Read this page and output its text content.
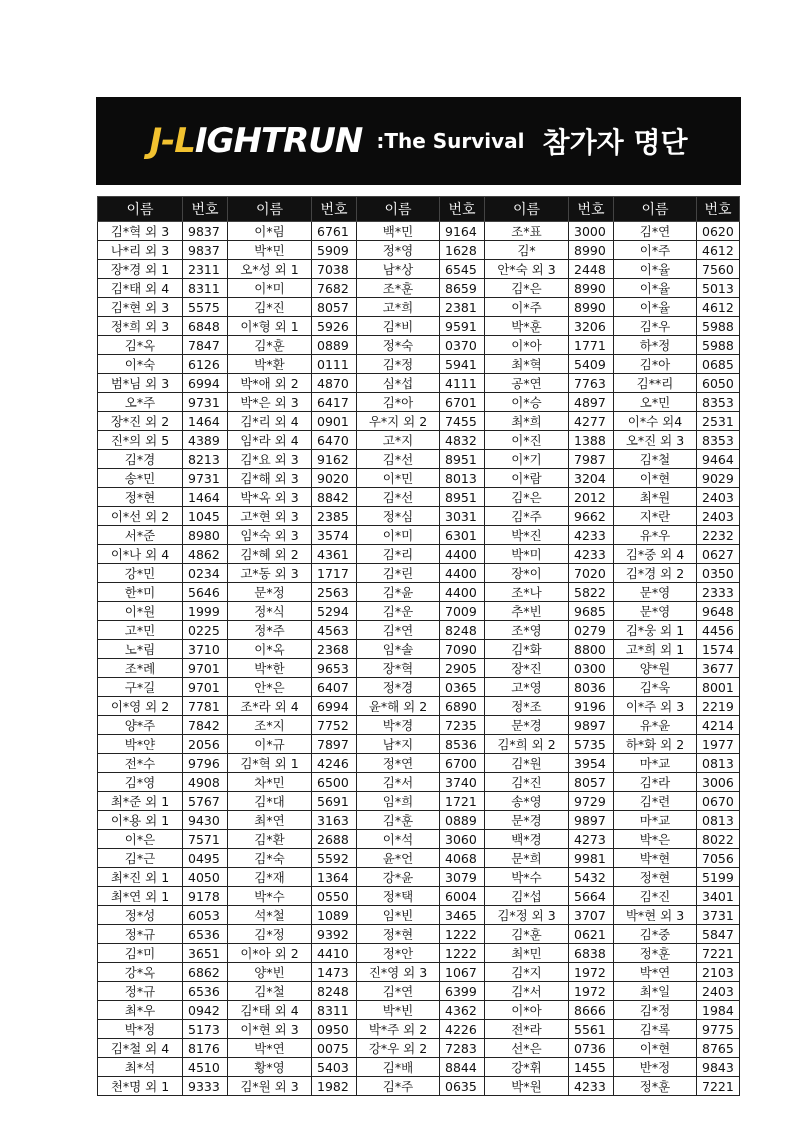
J-LIGHTRUN :The Survival 참가자 명단
이름	번호	이름	번호	이름	번호	이름	번호	이름	번호
김*혁 외 3	9837	이*림	6761	백*민	9164	조*표	3000	김*연	0620
나*리 외 3	9837	박*민	5909	정*영	1628	김*	8990	이*주	4612
장*경 외 1	2311	오*성 외 1	7038	남*상	6545	안*숙 외 3	2448	이*율	7560
김*태 외 4	8311	이*미	7682	조*훈	8659	김*은	8990	이*율	5013
김*현 외 3	5575	김*진	8057	고*희	2381	이*주	8990	이*율	4612
정*희 외 3	6848	이*형 외 1	5926	김*비	9591	박*훈	3206	김*우	5988
김*옥	7847	김*훈	0889	정*숙	0370	이*아	1771	하*정	5988
이*숙	6126	박*환	0111	김*정	5941	최*혁	5409	김*아	0685
범*님 외 3	6994	박*애 외 2	4870	심*섭	4111	공*연	7763	김**리	6050
오*주	9731	박*은 외 3	6417	김*아	6701	이*승	4897	오*민	8353
장*진 외 2	1464	김*리 외 4	0901	우*지 외 2	7455	최*희	4277	이*수 외4	2531
진*의 외 5	4389	임*라 외 4	6470	고*지	4832	이*진	1388	오*진 외 3	8353
김*경	8213	김*요 외 3	9162	김*선	8951	이*기	7987	김*철	9464
송*민	9731	김*해 외 3	9020	이*민	8013	이*람	3204	이*현	9029
정*현	1464	박*옥 외 3	8842	김*선	8951	김*은	2012	최*원	2403
이*선 외 2	1045	고*현 외 3	2385	정*심	3031	김*주	9662	지*란	2403
서*준	8980	임*숙 외 3	3574	이*미	6301	박*진	4233	유*우	2232
이*나 외 4	4862	김*혜 외 2	4361	김*리	4400	박*미	4233	김*중 외 4	0627
강*민	0234	고*동 외 3	1717	김*린	4400	장*이	7020	김*경 외 2	0350
한*미	5646	문*정	2563	김*윤	4400	조*나	5822	문*영	2333
이*원	1999	정*식	5294	김*운	7009	추*빈	9685	문*영	9648
고*민	0225	정*주	4563	김*연	8248	조*영	0279	김*웅 외 1	4456
노*림	3710	이*옥	2368	임*솔	7090	김*화	8800	고*희 외 1	1574
조*례	9701	박*한	9653	장*혁	2905	장*진	0300	양*원	3677
구*길	9701	안*은	6407	정*경	0365	고*영	8036	김*욱	8001
이*영 외 2	7781	조*라 외 4	6994	윤*해 외 2	6890	정*조	9196	이*주 외 3	2219
양*주	7842	조*지	7752	박*경	7235	문*경	9897	유*윤	4214
박*얀	2056	이*규	7897	남*지	8536	김*희 외 2	5735	하*화 외 2	1977
전*수	9796	김*혁 외 1	4246	정*연	6700	김*원	3954	마*교	0813
김*영	4908	차*민	6500	김*서	3740	김*진	8057	김*라	3006
최*준 외 1	5767	김*대	5691	임*희	1721	송*영	9729	김*련	0670
이*용 외 1	9430	최*연	3163	김*훈	0889	문*경	9897	마*교	0813
이*은	7571	김*환	2688	이*석	3060	백*경	4273	박*은	8022
김*근	0495	김*숙	5592	윤*언	4068	문*희	9981	박*현	7056
최*진 외 1	4050	김*재	1364	강*윤	3079	박*수	5432	정*현	5199
최*연 외 1	9178	박*수	0550	정*택	6004	김*섭	5664	김*진	3401
정*성	6053	석*철	1089	임*빈	3465	김*정 외 3	3707	박*현 외 3	3731
정*규	6536	김*정	9392	정*현	1222	김*훈	0621	김*중	5847
김*미	3651	이*아 외 2	4410	정*안	1222	최*민	6838	정*훈	7221
강*옥	6862	양*빈	1473	진*영 외 3	1067	김*지	1972	박*연	2103
정*규	6536	김*철	8248	김*연	6399	김*서	1972	최*일	2403
최*우	0942	김*태 외 4	8311	박*빈	4362	이*아	8666	김*정	1984
박*정	5173	이*현 외 3	0950	박*주 외 2	4226	전*라	5561	김*록	9775
김*철 외 4	8176	박*연	0075	강*우 외 2	7283	선*은	0736	이*현	8765
최*석	4510	황*영	5403	김*배	8844	강*휘	1455	반*정	9843
천*명 외 1	9333	김*원 외 3	1982	김*주	0635	박*원	4233	정*훈	7221
